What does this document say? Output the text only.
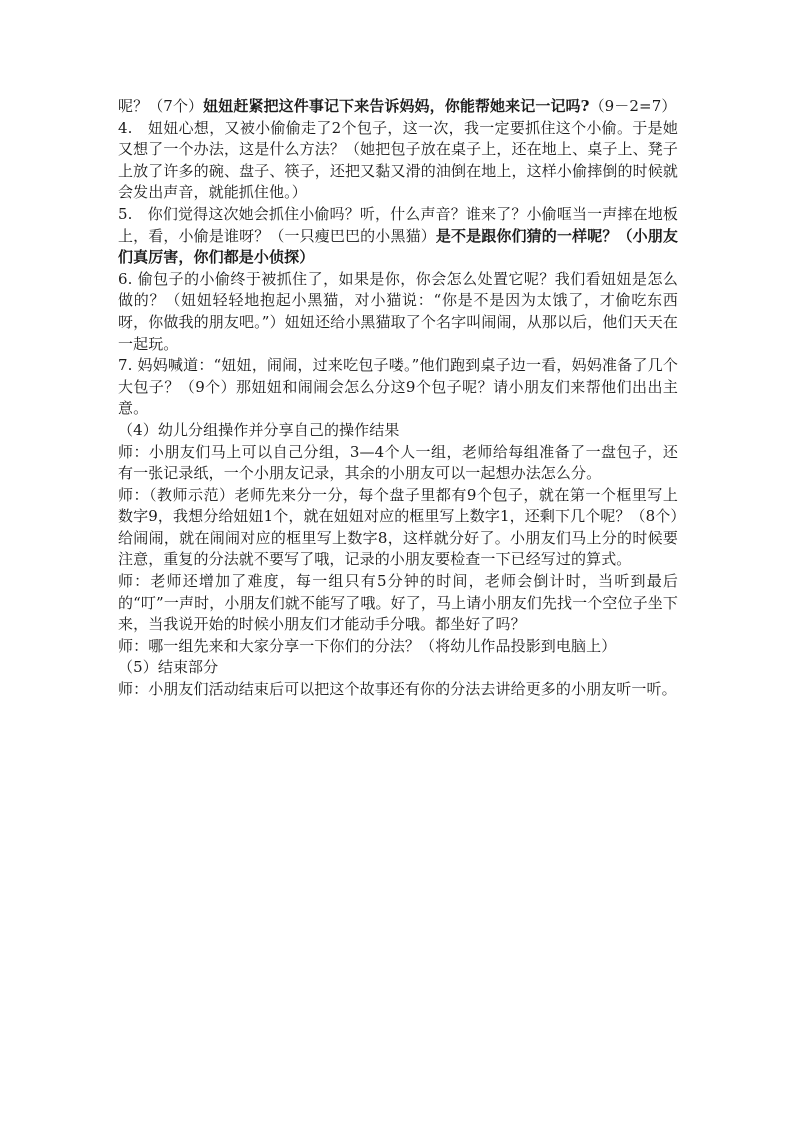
呢？（7个）妞妞赶紧把这件事记下来告诉妈妈，你能帮她来记一记吗?（9－2=7）

4.　妞妞心想，又被小偷偷走了2个包子，这一次，我一定要抓住这个小偷。于是她又想了一个办法，这是什么方法？（她把包子放在桌子上，还在地上、桌子上、凳子上放了许多的碗、盘子、筷子，还把又黏又滑的油倒在地上，这样小偷摔倒的时候就会发出声音，就能抓住他。）

5.　你们觉得这次她会抓住小偷吗？听，什么声音？谁来了？小偷哐当一声摔在地板上，看，小偷是谁呀？（一只瘦巴巴的小黑猫）是不是跟你们猜的一样呢？（小朋友们真厉害，你们都是小侦探）

6. 偷包子的小偷终于被抓住了，如果是你，你会怎么处置它呢？我们看妞妞是怎么做的？（妞妞轻轻地抱起小黑猫，对小猫说：“你是不是因为太饿了，才偷吃东西呀，你做我的朋友吧。”）妞妞还给小黑猫取了个名字叫闹闹，从那以后，他们天天在一起玩。

7. 妈妈喊道：“妞妞，闹闹，过来吃包子喽。”他们跑到桌子边一看，妈妈准备了几个大包子？（9个）那妞妞和闹闹会怎么分这9个包子呢？请小朋友们来帮他们出出主意。

（4）幼儿分组操作并分享自己的操作结果

师：小朋友们马上可以自己分组，3—4个人一组，老师给每组准备了一盘包子，还有一张记录纸，一个小朋友记录，其余的小朋友可以一起想办法怎么分。

师：（教师示范）老师先来分一分，每个盘子里都有9个包子，就在第一个框里写上数字9，我想分给妞妞1个，就在妞妞对应的框里写上数字1，还剩下几个呢？（8个）给闹闹，就在闹闹对应的框里写上数字8，这样就分好了。小朋友们马上分的时候要注意，重复的分法就不要写了哦，记录的小朋友要检查一下已经写过的算式。

师：老师还增加了难度，每一组只有5分钟的时间，老师会倒计时，当听到最后的“叮”一声时，小朋友们就不能写了哦。好了，马上请小朋友们先找一个空位子坐下来，当我说开始的时候小朋友们才能动手分哦。都坐好了吗？

师：哪一组先来和大家分享一下你们的分法？（将幼儿作品投影到电脑上）

（5）结束部分

师：小朋友们活动结束后可以把这个故事还有你的分法去讲给更多的小朋友听一听。
